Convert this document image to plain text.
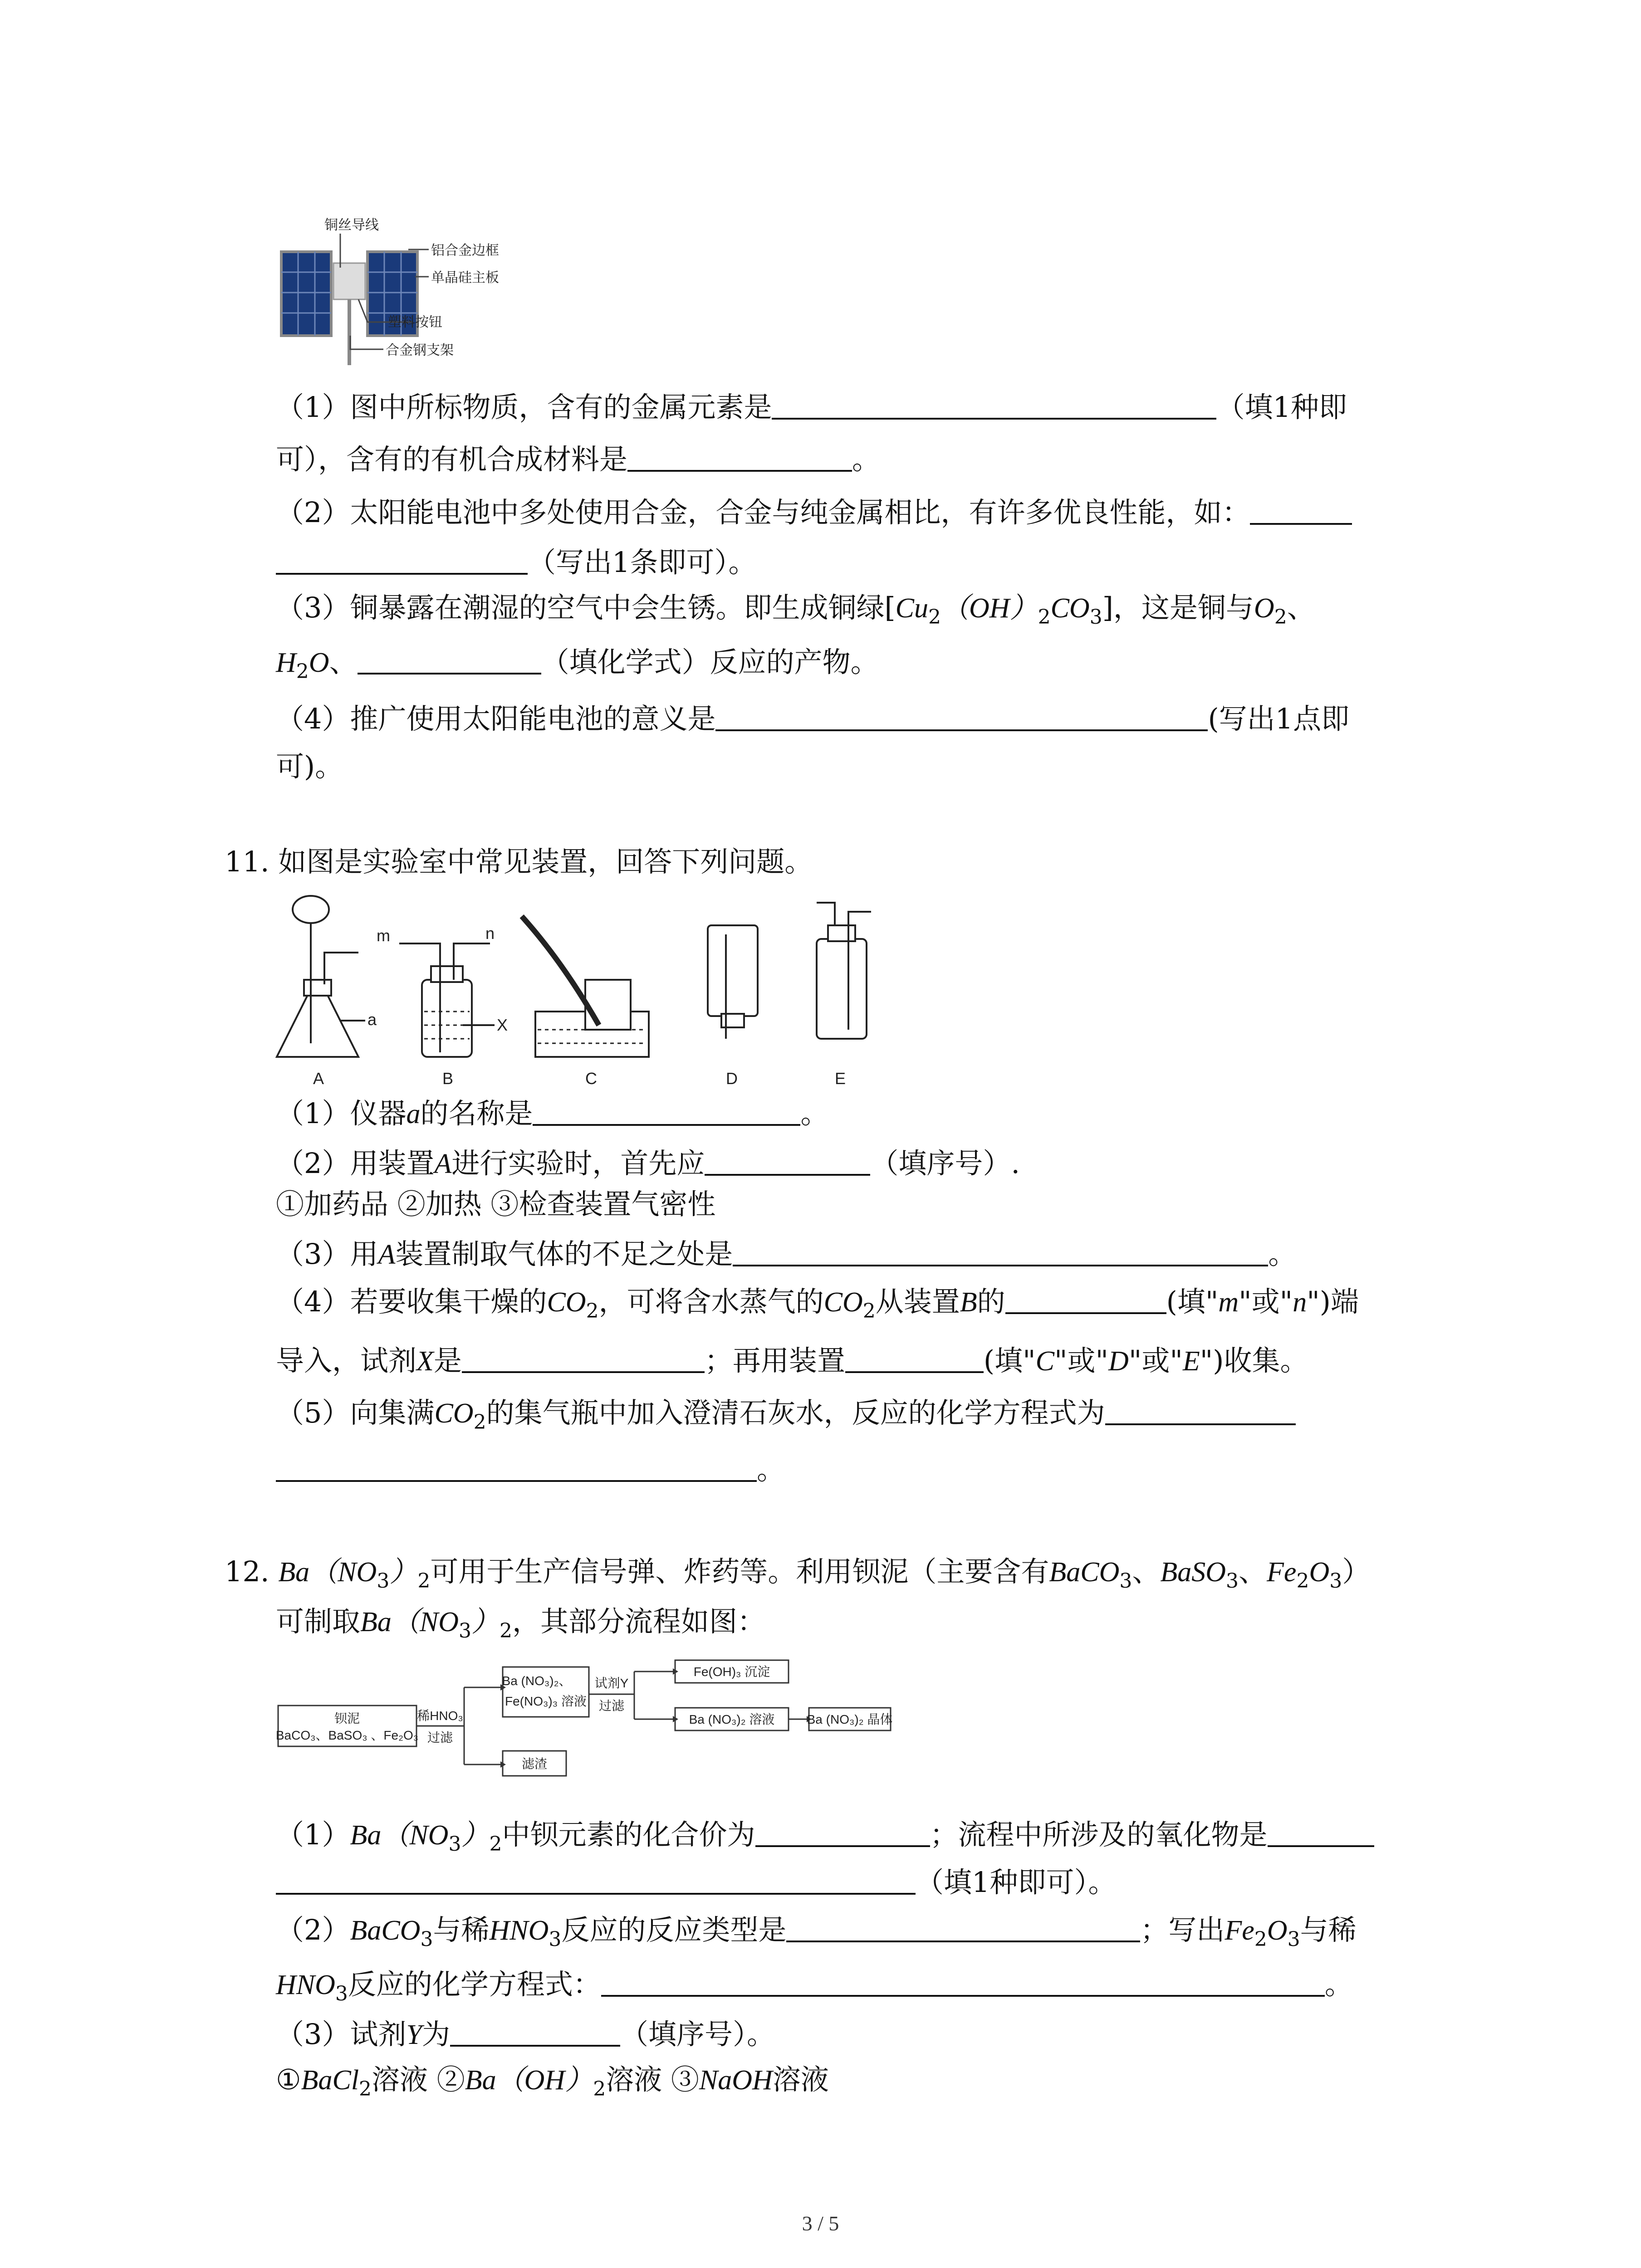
铜丝导线
铝合金边框
单晶硅主板
塑料按钮
合金钢支架
（1）图中所标物质，含有的金属元素是	（填1种即
可），含有的有机合成材料是	。
（2）太阳能电池中多处使用合金，合金与纯金属相比，有许多优良性能，如：
（写出1条即可）。
（3）铜暴露在潮湿的空气中会生锈。即生成铜绿$[Cu_2(OH)_2CO_3]$，这是铜与$O_2$、
$H_2O$、	（填化学式）反应的产物。
（4）推广使用太阳能电池的意义是	(写出1点即
可)。
11. 如图是实验室中常见装置，回答下列问题。
a
m	n
X
A	B	C	D	E
（1）仪器a的名称是	。
（2）用装置A进行实验时，首先应	（填序号）.
①加药品 ②加热 ③检查装置气密性
（3）用A装置制取气体的不足之处是	。
（4）若要收集干燥的$CO_2$，可将含水蒸气的$CO_2$从装置B的	(填"m"或"n")端
导入，试剂X是	；再用装置	(填"C"或"D"或"E")收集。
（5）向集满$CO_2$的集气瓶中加入澄清石灰水，反应的化学方程式为
。
12. $Ba(NO_3)_2$可用于生产信号弹、炸药等。利用钡泥（主要含有BaCO$_3$、BaSO$_3$、$Fe_2O_3$）
可制取$Ba(NO_3)_2$，其部分流程如图：
钡泥
BaCO₃、BaSO₃ 、Fe₂O₃
稀HNO₃
过滤
Ba (NO₃)₂、
Fe(NO₃)₃ 溶液
试剂Y
过滤
Fe(OH)₃ 沉淀
Ba (NO₃)₂ 溶液	Ba (NO₃)₂ 晶体
滤渣
$(1)Ba(NO_3)_2$中钡元素的化合价为	；流程中所涉及的氧化物是
（填1种即可）。
（2）BaCO$_3$与稀$HNO_3$反应的反应类型是	；写出$Fe_2O_3$与稀
$HNO_3$反应的化学方程式：	。
（3）试剂Y为	（填序号）。
①BaCl$_2$溶液 $②Ba(OH)_2$溶液 ③NaOH溶液
3 / 5
